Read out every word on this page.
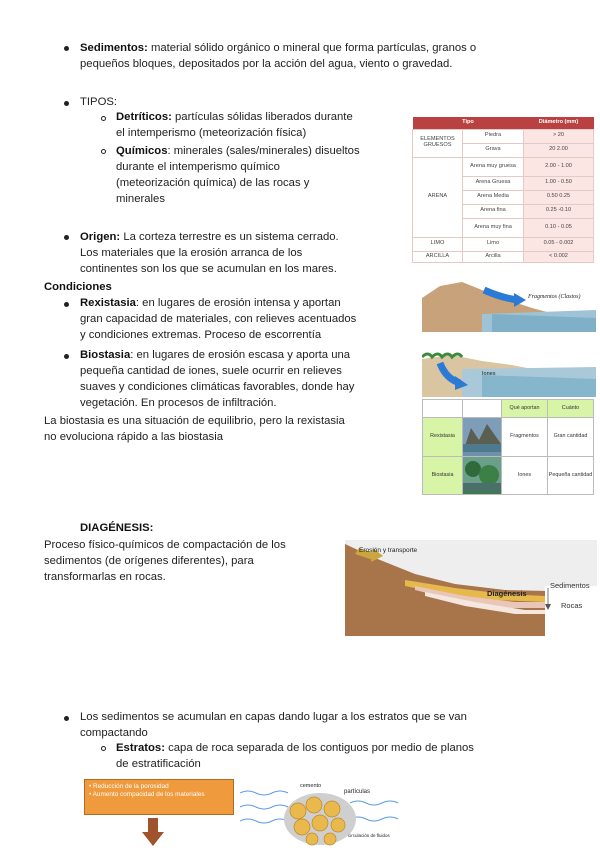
Sedimentos: material sólido orgánico o mineral que forma partículas, granos o
pequeños bloques, depositados por la acción del agua, viento o gravedad.
TIPOS:
Detríticos: partículas sólidas liberados durante
el intemperismo (meteorización física)
Químicos: minerales (sales/minerales) disueltos
durante el intemperismo químico
(meteorización química) de las rocas y
minerales
Origen: La corteza terrestre es un sistema cerrado.
Los materiales que la erosión arranca de los
continentes son los que se acumulan en los mares.
Condiciones
Rexistasia: en lugares de erosión intensa y aportan
gran capacidad de materiales, con relieves acentuados
y condiciones extremas. Proceso de escorrentía
Biostasia: en lugares de erosión escasa y aporta una
pequeña cantidad de iones, suele ocurrir en relieves
suaves y condiciones climáticas favorables, donde hay
vegetación. En procesos de infiltración.
La biostasia es una situación de equilibrio, pero la rexistasia
no evoluciona rápido a las biostasia
Tipo		Diámetro (mm)
ELEMENTOS GRUESOS	Piedra	> 20
	Grava	20 2.00
ARENA	Arena muy gruesa	2.00 - 1.00
	Arena Gruesa	1.00 - 0.50
	Arena Media	0.50 0.25
	Arena fina	0.25 -0.10
	Arena muy fina	0.10 - 0.05
LIMO	Limo	0.05 - 0.002
ARCILLA	Arcilla	< 0.002
Fragmentos (Clastos)
Iones
		Qué aportan	Cuánto
Rexistasia		Fragmentos	Gran cantidad
Biostasia		Iones	Pequeña cantidad
DIAGÉNESIS:
Proceso físico-químicos de compactación de los
sedimentos (de orígenes diferentes), para
transformarlas en rocas.
Erosión y transporte
Diagénesis
Sedimentos
Rocas
Los sedimentos se acumulan en capas dando lugar a los estratos que se van
compactando
Estratos: capa de roca separada de los contiguos por medio de planos
de estratificación
• Reducción de la porosidad
• Aumento compacidad de los materiales
cemento
partículas
circulación de fluidos
